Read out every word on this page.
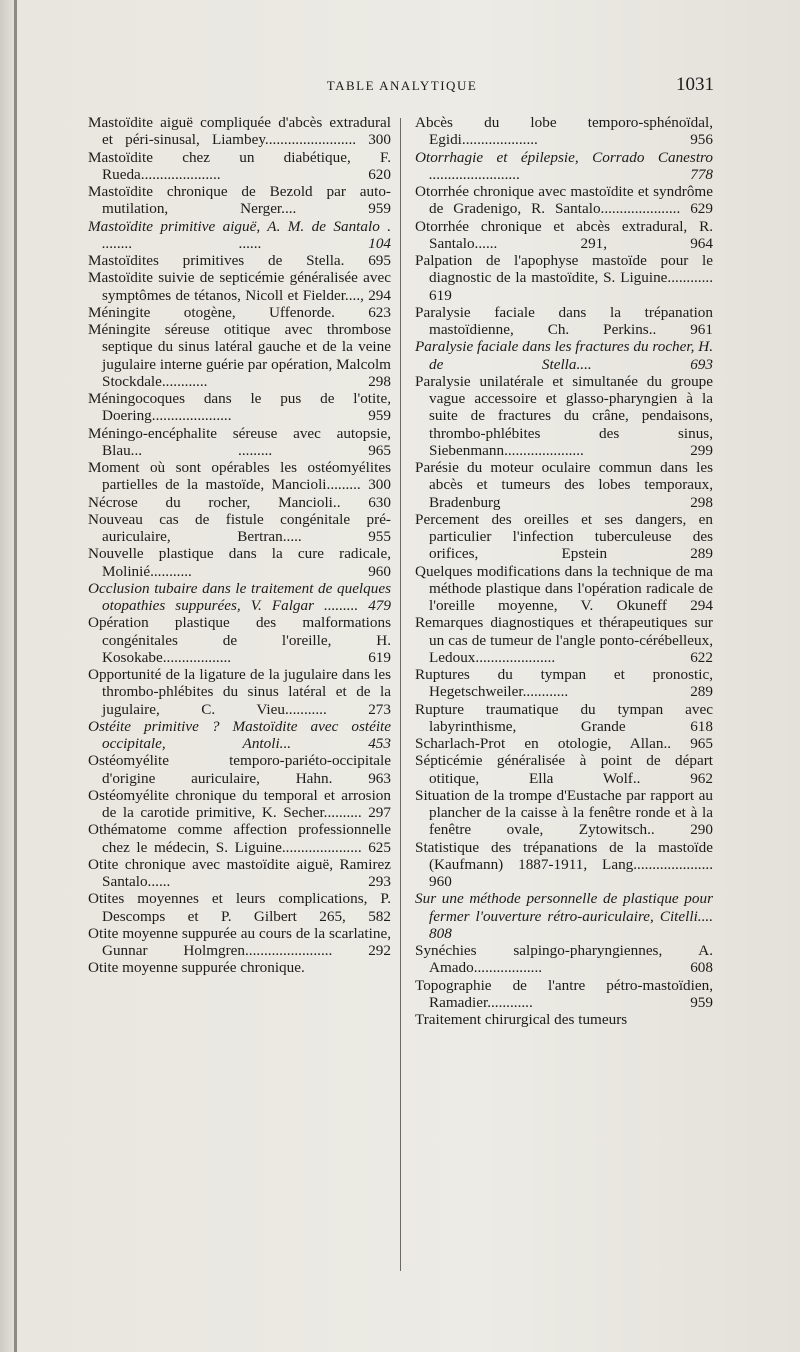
TABLE ANALYTIQUE	1031

Mastoïdite aiguë compliquée d'abcès extradural et péri-sinusal, Liambey........................ 300

Mastoïdite chez un diabétique, F. Rueda..................... 620

Mastoïdite chronique de Bezold par auto-mutilation, Nerger.... 959

Mastoïdite primitive aiguë, A. M. de Santalo . ........ ...... 104

Mastoïdites primitives de Stella. 695

Mastoïdite suivie de septicémie généralisée avec symptômes de tétanos, Nicoll et Fielder...., 294

Méningite otogène, Uffenorde. 623

Méningite séreuse otitique avec thrombose septique du sinus latéral gauche et de la veine jugulaire interne guérie par opération, Malcolm Stockdale............ 298

Méningocoques dans le pus de l'otite, Doering..................... 959

Méningo-encéphalite séreuse avec autopsie, Blau... ......... 965

Moment où sont opérables les ostéomyélites partielles de la mastoïde, Mancioli......... 300

Nécrose du rocher, Mancioli.. 630

Nouveau cas de fistule congénitale pré-auriculaire, Bertran..... 955

Nouvelle plastique dans la cure radicale, Molinié........... 960

Occlusion tubaire dans le traitement de quelques otopathies suppurées, V. Falgar ......... 479

Opération plastique des malformations congénitales de l'oreille, H. Kosokabe.................. 619

Opportunité de la ligature de la jugulaire dans les thrombo-phlébites du sinus latéral et de la jugulaire, C. Vieu........... 273

Ostéite primitive ? Mastoïdite avec ostéite occipitale, Antoli... 453

Ostéomyélite temporo-pariéto-occipitale d'origine auriculaire, Hahn. 963

Ostéomyélite chronique du temporal et arrosion de la carotide primitive, K. Secher.......... 297

Othématome comme affection professionnelle chez le médecin, S. Liguine..................... 625

Otite chronique avec mastoïdite aiguë, Ramirez Santalo...... 293

Otites moyennes et leurs complications, P. Descomps et P. Gilbert 265, 582

Otite moyenne suppurée au cours de la scarlatine, Gunnar Holmgren....................... 292

Otite moyenne suppurée chronique.

Abcès du lobe temporo-sphénoïdal, Egidi.................... 956

Otorrhagie et épilepsie, Corrado Canestro ........................ 778

Otorrhée chronique avec mastoïdite et syndrôme de Gradenigo, R. Santalo..................... 629

Otorrhée chronique et abcès extradural, R. Santalo...... 291, 964

Palpation de l'apophyse mastoïde pour le diagnostic de la mastoïdite, S. Liguine............ 619

Paralysie faciale dans la trépanation mastoïdienne, Ch. Perkins.. 961

Paralysie faciale dans les fractures du rocher, H. de Stella.... 693

Paralysie unilatérale et simultanée du groupe vague accessoire et glasso-pharyngien à la suite de fractures du crâne, pendaisons, thrombo-phlébites des sinus, Siebenmann..................... 299

Parésie du moteur oculaire commun dans les abcès et tumeurs des lobes temporaux, Bradenburg 298

Percement des oreilles et ses dangers, en particulier l'infection tuberculeuse des orifices, Epstein 289

Quelques modifications dans la technique de ma méthode plastique dans l'opération radicale de l'oreille moyenne, V. Okuneff 294

Remarques diagnostiques et thérapeutiques sur un cas de tumeur de l'angle ponto-cérébelleux, Ledoux..................... 622

Ruptures du tympan et pronostic, Hegetschweiler............ 289

Rupture traumatique du tympan avec labyrinthisme, Grande 618

Scharlach-Prot en otologie, Allan.. 965

Sépticémie généralisée à point de départ otitique, Ella Wolf.. 962

Situation de la trompe d'Eustache par rapport au plancher de la caisse à la fenêtre ronde et à la fenêtre ovale, Zytowitsch.. 290

Statistique des trépanations de la mastoïde (Kaufmann) 1887-1911, Lang..................... 960

Sur une méthode personnelle de plastique pour fermer l'ouverture rétro-auriculaire, Citelli.... 808

Synéchies salpingo-pharyngiennes, A. Amado.................. 608

Topographie de l'antre pétro-mastoïdien, Ramadier............ 959

Traitement chirurgical des tumeurs
